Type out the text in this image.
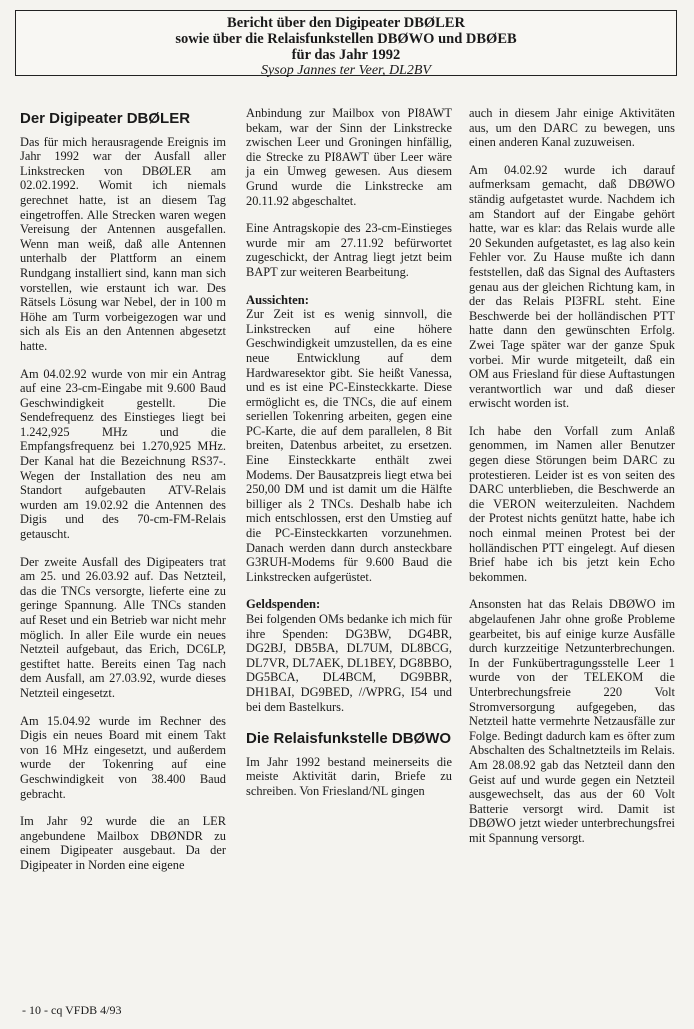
Bericht über den Digipeater DBØLER
sowie über die Relaisfunkstellen DBØWO und DBØEB
für das Jahr 1992
Sysop Jannes ter Veer, DL2BV
Der Digipeater DBØLER

Das für mich herausragende Ereignis im Jahr 1992 war der Ausfall aller Linkstrecken von DBØLER am 02.02.1992. Womit ich niemals gerechnet hatte, ist an diesem Tag eingetroffen. Alle Strecken waren wegen Vereisung der Antennen ausgefallen. Wenn man weiß, daß alle Antennen unterhalb der Plattform an einem Rundgang installiert sind, kann man sich vorstellen, wie erstaunt ich war. Des Rätsels Lösung war Nebel, der in 100 m Höhe am Turm vorbeigezogen war und sich als Eis an den Antennen abgesetzt hatte.

Am 04.02.92 wurde von mir ein Antrag auf eine 23-cm-Eingabe mit 9.600 Baud Geschwindigkeit gestellt. Die Sendefrequenz des Einstieges liegt bei 1.242,925 MHz und die Empfangsfrequenz bei 1.270,925 MHz. Der Kanal hat die Bezeichnung RS37-. Wegen der Installation des neu am Standort aufgebauten ATV-Relais wurden am 19.02.92 die Antennen des Digis und des 70-cm-FM-Relais getauscht.

Der zweite Ausfall des Digipeaters trat am 25. und 26.03.92 auf. Das Netzteil, das die TNCs versorgte, lieferte eine zu geringe Spannung. Alle TNCs standen auf Reset und ein Betrieb war nicht mehr möglich. In aller Eile wurde ein neues Netzteil aufgebaut, das Erich, DC6LP, gestiftet hatte. Bereits einen Tag nach dem Ausfall, am 27.03.92, wurde dieses Netzteil eingesetzt.

Am 15.04.92 wurde im Rechner des Digis ein neues Board mit einem Takt von 16 MHz eingesetzt, und außerdem wurde der Tokenring auf eine Geschwindigkeit von 38.400 Baud gebracht.

Im Jahr 92 wurde die an LER angebundene Mailbox DBØNDR zu einem Digipeater ausgebaut. Da der Digipeater in Norden eine eigene

Anbindung zur Mailbox von PI8AWT bekam, war der Sinn der Linkstrecke zwischen Leer und Groningen hinfällig, die Strecke zu PI8AWT über Leer wäre ja ein Umweg gewesen. Aus diesem Grund wurde die Linkstrecke am 20.11.92 abgeschaltet.

Eine Antragskopie des 23-cm-Einstieges wurde mir am 27.11.92 befürwortet zugeschickt, der Antrag liegt jetzt beim BAPT zur weiteren Bearbeitung.

Aussichten:

Zur Zeit ist es wenig sinnvoll, die Linkstrecken auf eine höhere Geschwindigkeit umzustellen, da es eine neue Entwicklung auf dem Hardwaresektor gibt. Sie heißt Vanessa, und es ist eine PC-Einsteckkarte. Diese ermöglicht es, die TNCs, die auf einem seriellen Tokenring arbeiten, gegen eine PC-Karte, die auf dem parallelen, 8 Bit breiten, Datenbus arbeitet, zu ersetzen. Eine Einsteckkarte enthält zwei Modems. Der Bausatzpreis liegt etwa bei 250,00 DM und ist damit um die Hälfte billiger als 2 TNCs. Deshalb habe ich mich entschlossen, erst den Umstieg auf die PC-Einsteckkarten vorzunehmen. Danach werden dann durch ansteckbare G3RUH-Modems für 9.600 Baud die Linkstrecken aufgerüstet.

Geldspenden:

Bei folgenden OMs bedanke ich mich für ihre Spenden: DG3BW, DG4BR, DG2BJ, DB5BA, DL7UM, DL8BCG, DL7VR, DL7AEK, DL1BEY, DG8BBO, DG5BCA, DL4BCM, DG9BBR, DH1BAI, DG9BED, //WPRG, I54 und bei dem Bastelkurs.

Die Relaisfunkstelle DBØWO

Im Jahr 1992 bestand meinerseits die meiste Aktivität darin, Briefe zu schreiben. Von Friesland/NL gingen

auch in diesem Jahr einige Aktivitäten aus, um den DARC zu bewegen, uns einen anderen Kanal zuzuweisen.

Am 04.02.92 wurde ich darauf aufmerksam gemacht, daß DBØWO ständig aufgetastet wurde. Nachdem ich am Standort auf der Eingabe gehört hatte, war es klar: das Relais wurde alle 20 Sekunden aufgetastet, es lag also kein Fehler vor. Zu Hause mußte ich dann feststellen, daß das Signal des Auftasters genau aus der gleichen Richtung kam, in der das Relais PI3FRL steht. Eine Beschwerde bei der holländischen PTT hatte dann den gewünschten Erfolg. Zwei Tage später war der ganze Spuk vorbei. Mir wurde mitgeteilt, daß ein OM aus Friesland für diese Auftastungen verantwortlich war und daß dieser erwischt worden ist.

Ich habe den Vorfall zum Anlaß genommen, im Namen aller Benutzer gegen diese Störungen beim DARC zu protestieren. Leider ist es von seiten des DARC unterblieben, die Beschwerde an die VERON weiterzuleiten. Nachdem der Protest nichts genützt hatte, habe ich noch einmal meinen Protest bei der holländischen PTT eingelegt. Auf diesen Brief habe ich bis jetzt kein Echo bekommen.

Ansonsten hat das Relais DBØWO im abgelaufenen Jahr ohne große Probleme gearbeitet, bis auf einige kurze Ausfälle durch kurzzeitige Netzunterbrechungen. In der Funkübertragungsstelle Leer 1 wurde von der TELEKOM die Unterbrechungsfreie 220 Volt Stromversorgung aufgegeben, das Netzteil hatte vermehrte Netzausfälle zur Folge. Bedingt dadurch kam es öfter zum Abschalten des Schaltnetzteils im Relais. Am 28.08.92 gab das Netzteil dann den Geist auf und wurde gegen ein Netzteil ausgewechselt, das aus der 60 Volt Batterie versorgt wird. Damit ist DBØWO jetzt wieder unterbrechungsfrei mit Spannung versorgt.

- 10 - cq VFDB 4/93
